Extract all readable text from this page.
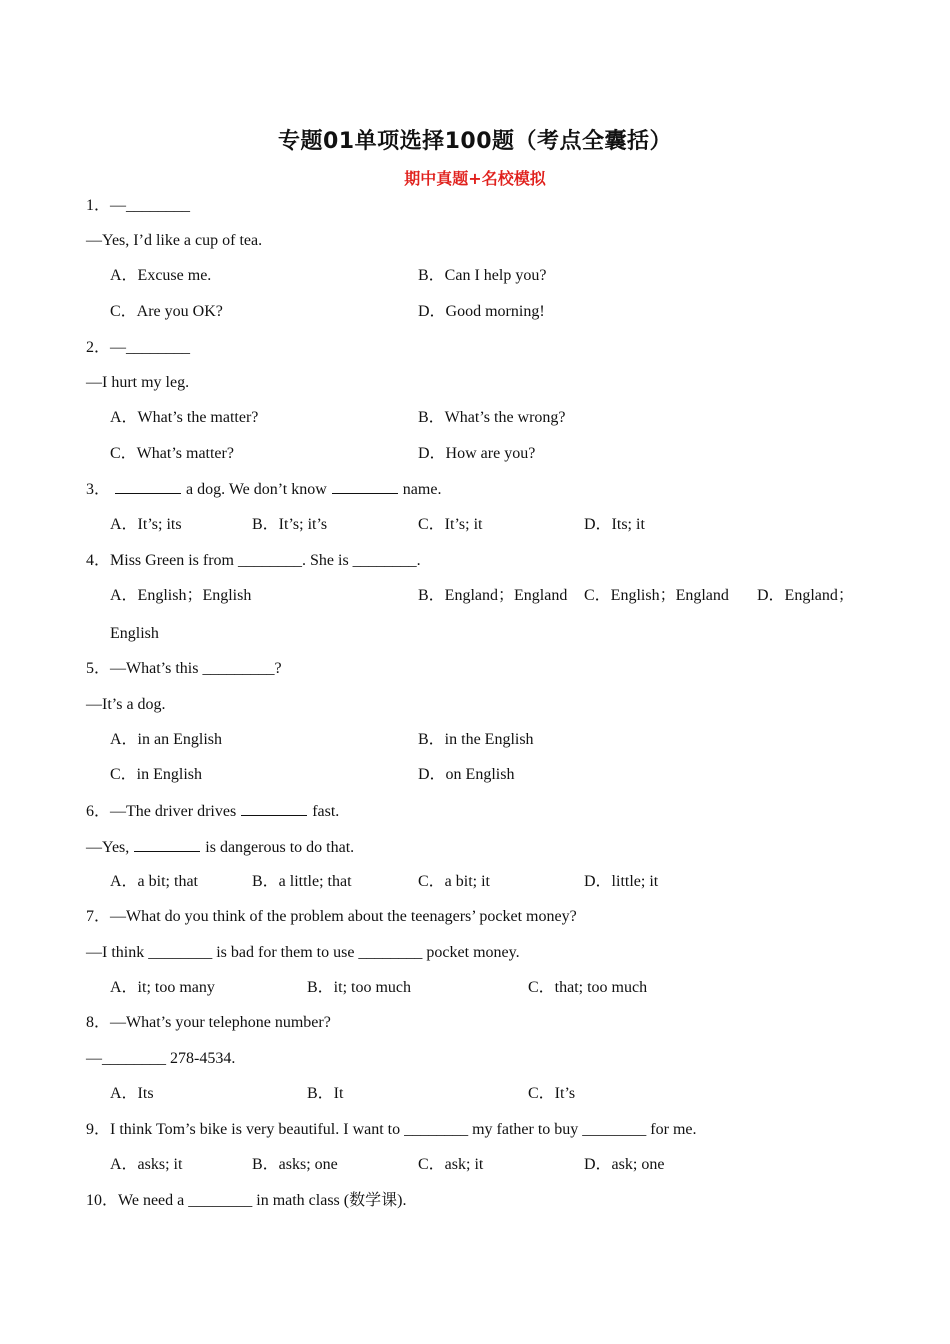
专题01单项选择100题（考点全囊括）
期中真题+名校模拟
1．—________
—Yes, I’d like a cup of tea.
A．Excuse me.	B．Can I help you?
C．Are you OK?	D．Good morning!
2．—________
—I hurt my leg.
A．What’s the matter?	B．What’s the wrong?
C．What’s matter?	D．How are you?
3．	a dog. We don’t know	name.
A．It’s; its	B．It’s; it’s	C．It’s; it	D．Its; it
4．Miss Green is from ________. She is ________.
A．English；English	B．England；England C．English；England D．England；
English
5．—What’s this _________?
—It’s a dog.
A．in an English	B．in the English
C．in English	D．on English
6．—The driver drives	fast.
—Yes,	is dangerous to do that.
A．a bit; that	B．a little; that	C．a bit; it	D．little; it
7．—What do you think of the problem about the teenagers’ pocket money?
—I think ________ is bad for them to use ________ pocket money.
A．it; too many	B．it; too much	C．that; too much
8．—What’s your telephone number?
—________ 278-4534.
A．Its	B．It	C．It’s
9．I think Tom’s bike is very beautiful. I want to ________ my father to buy ________ for me.
A．asks; it	B．asks; one	C．ask; it	D．ask; one
10．We need a ________ in math class (数学课).
